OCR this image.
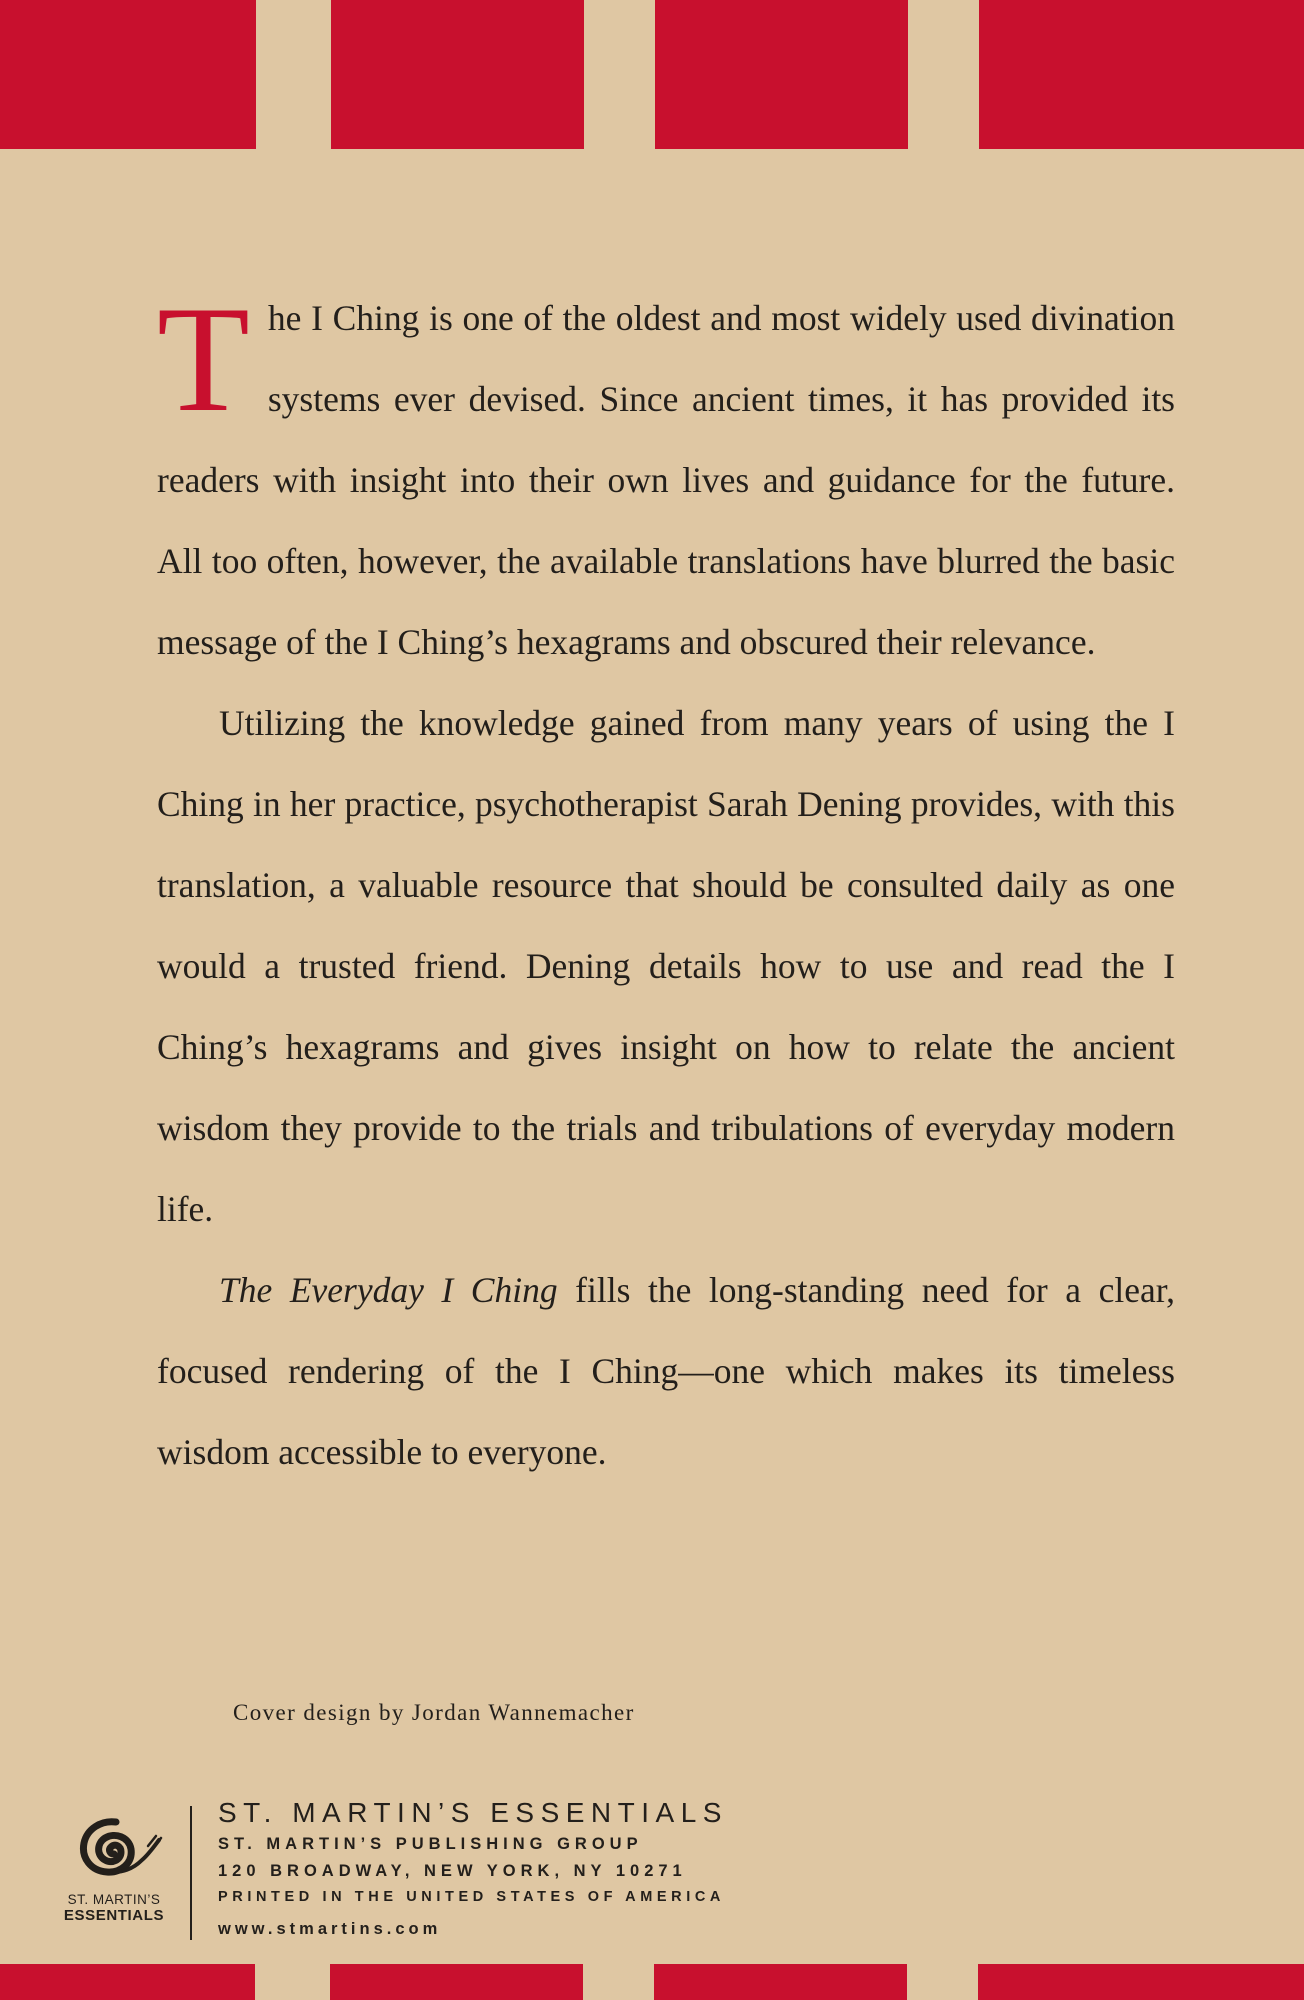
The I Ching is one of the oldest and most widely used divination systems ever devised. Since ancient times, it has provided its readers with insight into their own lives and guidance for the future. All too often, however, the available translations have blurred the basic message of the I Ching’s hexagrams and obscured their relevance.

Utilizing the knowledge gained from many years of using the I Ching in her practice, psychotherapist Sarah Dening provides, with this translation, a valuable resource that should be consulted daily as one would a trusted friend. Dening details how to use and read the I Ching’s hexagrams and gives insight on how to relate the ancient wisdom they provide to the trials and tribulations of everyday modern life.

The Everyday I Ching fills the long-standing need for a clear, focused rendering of the I Ching—one which makes its timeless wisdom accessible to everyone.

Cover design by Jordan Wannemacher
ST. MARTIN’S
ESSENTIALS
ST. MARTIN’S ESSENTIALS
ST. MARTIN’S PUBLISHING GROUP
120 BROADWAY, NEW YORK, NY 10271
PRINTED IN THE UNITED STATES OF AMERICA
www.stmartins.com
